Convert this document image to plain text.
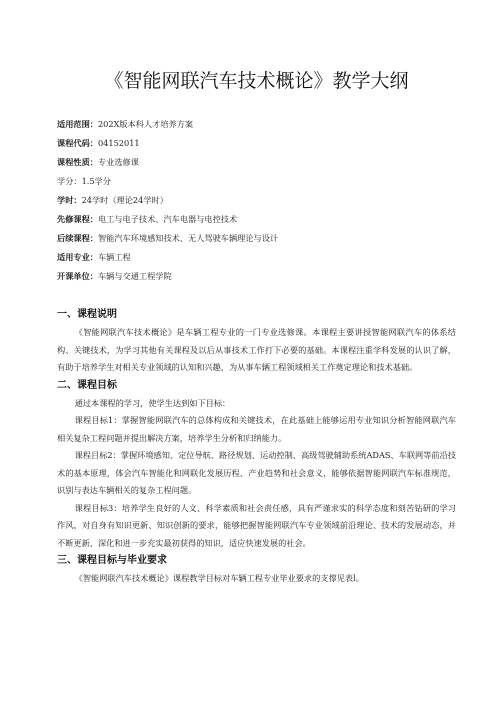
《智能网联汽车技术概论》教学大纲
适用范围：202X版本科人才培养方案
课程代码：04152011
课程性质：专业选修课
学分：1.5学分
学时：24学时（理论24学时）
先修课程：电工与电子技术、汽车电器与电控技术
后续课程：智能汽车环境感知技术、无人驾驶车辆理论与设计
适用专业：车辆工程
开课单位：车辆与交通工程学院
一、课程说明

《智能网联汽车技术概论》是车辆工程专业的一门专业选修课。本课程主要讲授智能网联汽车的体系结构、关键技术，为学习其他有关课程及以后从事技术工作打下必要的基础。本课程注重学科发展的认识了解，有助于培养学生对相关专业领域的认知和兴趣，为从事车辆工程领域相关工作奠定理论和技术基础。

二、课程目标

通过本课程的学习，使学生达到如下目标：

课程目标1：掌握智能网联汽车的总体构成和关键技术，在此基础上能够运用专业知识分析智能网联汽车相关复杂工程问题并提出解决方案，培养学生分析和归纳能力。

课程目标2：掌握环境感知、定位导航、路径规划、运动控制、高级驾驶辅助系统ADAS、车联网等前沿技术的基本原理，体会汽车智能化和网联化发展历程、产业趋势和社会意义，能够依据智能网联汽车标准规范，识别与表达车辆相关的复杂工程问题。

课程目标3：培养学生良好的人文、科学素质和社会责任感，具有严谨求实的科学态度和刻苦钻研的学习作风，对自身有知识更新、知识创新的要求，能够把握智能网联汽车专业领域前沿理论、技术的发展动态，并不断更新、深化和进一步充实最初获得的知识，适应快速发展的社会。

三、课程目标与毕业要求

《智能网联汽车技术概论》课程教学目标对车辆工程专业毕业要求的支撑见表l。
